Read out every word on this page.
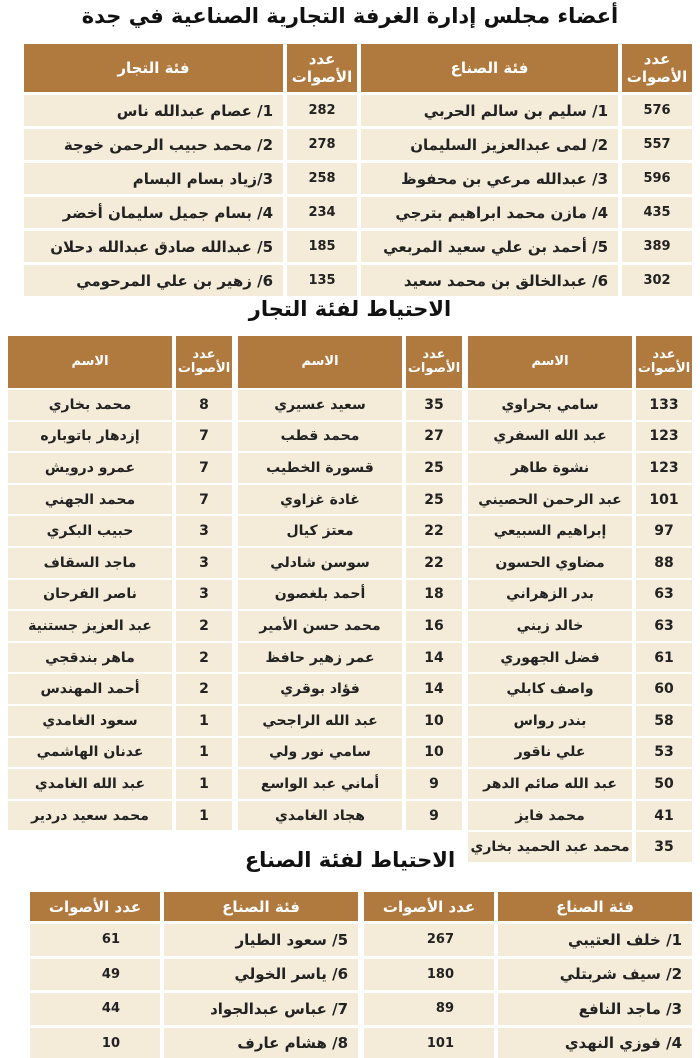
أعضاء مجلس إدارة الغرفة التجارية الصناعية في جدة
عدد الأصوات
576
557
596
435
389
302
فئة الصناع
1/ سليم بن سالم الحربي
2/ لمى عبدالعزيز السليمان
3/ عبدالله مرعي بن محفوظ
4/ مازن محمد ابراهيم بترجي
5/ أحمد بن علي سعيد المربعي
6/ عبدالخالق بن محمد سعيد
عدد الأصوات
282
278
258
234
185
135
فئة التجار
1/ عصام عبدالله ناس
2/ محمد حبيب الرحمن خوجة
3/زياد بسام البسام
4/ بسام جميل سليمان أخضر
5/ عبدالله صادق عبدالله دحلان
6/ زهير بن علي المرحومي
الاحتياط لفئة التجار
عدد الأصوات
133
123
123
101
97
88
63
63
61
60
58
53
50
41
35
الاسم
سامي بحراوي
عبد الله السفري
نشوة طاهر
عبد الرحمن الحصيني
إبراهيم السبيعي
مضاوي الحسون
بدر الزهراني
خالد زيني
فضل الجهوري
واصف كابلي
بندر رواس
علي ناقور
عبد الله صائم الدهر
محمد فايز
محمد عبد الحميد بخاري
عدد الأصوات
35
27
25
25
22
22
18
16
14
14
10
10
9
9
الاسم
سعيد عسيري
محمد قطب
قسورة الخطيب
غادة غزاوي
معتز كيال
سوسن شادلي
أحمد بلغصون
محمد حسن الأمير
عمر زهير حافظ
فؤاد بوقري
عبد الله الراجحي
سامي نور ولي
أماني عبد الواسع
هجاد الغامدي
عدد الأصوات
8
7
7
7
3
3
3
2
2
2
1
1
1
1
الاسم
محمد بخاري
إزدهار باتوباره
عمرو درويش
محمد الجهني
حبيب البكري
ماجد السقاف
ناصر الفرحان
عبد العزيز جستنية
ماهر بندقجي
أحمد المهندس
سعود الغامدي
عدنان الهاشمي
عبد الله الغامدي
محمد سعيد دردير
الاحتياط لفئة الصناع
فئة الصناع
1/ خلف العتيبي
2/ سيف شربتلي
3/ ماجد النافع
4/ فوزي النهدي
عدد الأصوات
267
180
89
101
فئة الصناع
5/ سعود الطيار
6/ ياسر الخولي
7/ عباس عبدالجواد
8/ هشام عارف
عدد الأصوات
61
49
44
10
